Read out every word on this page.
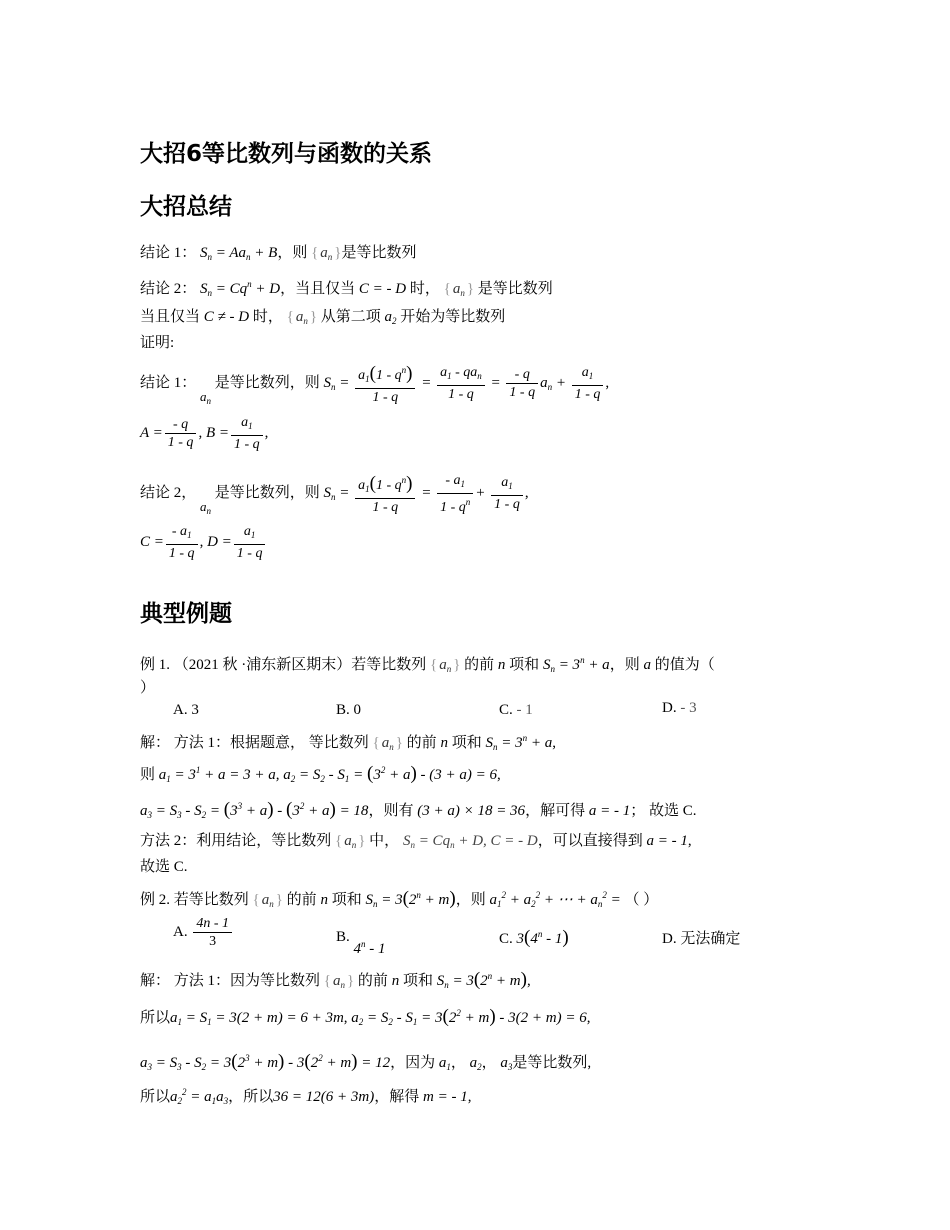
大招6等比数列与函数的关系
大招总结
结论 1： $S_n = Aa_n + B$，则 { $a_n$ } 是等比数列
结论 2： $S_n = Cq^n + D$，当且仅当 C = - D 时， { $a_n$ } 是等比数列
当且仅当 C ≠ - D 时， { $a_n$ } 从第二项 $a_2$ 开始为等比数列
证明:
结论 1： $a_n$ 是等比数列，则 $S_n = \frac{a_1(1 - q^n)}{1 - q} = \frac{a_1 - qa_n}{1 - q} = \frac{- q}{1 - q} a_n + \frac{a_1}{1 - q}$ ,
$A = \frac{- q}{1 - q}$ , $B = \frac{a_1}{1 - q}$ ,
结论 2， $a_n$ 是等比数列，则 $S_n = \frac{a_1(1 - q^n)}{1 - q} = \frac{- a_1}{1 - q^n} + \frac{a_1}{1 - q}$ ,
$C = \frac{- a_1}{1 - q}$ , $D = \frac{a_1}{1 - q}$
典型例题
例 1. （2021 秋 ·浦东新区期末）若等比数列 { $a_n$ } 的前 n 项和 $S_n = 3^n + a$，则 a 的值为（
）
A. 3	B. 0	C. - 1	D. - 3
解： 方法 1：根据题意， 等比数列 { $a_n$ } 的前 n 项和 $S_n = 3^n + a$,
则 $a_1 = 3^1 + a = 3 + a$, $a_2 = S_2 - S_1 = (3^2 + a) - (3 + a) = 6$,
$a_3 = S_3 - S_2 = (3^3 + a) - (3^2 + a) = 18$，则有 (3 + a) × 18 = 36，解可得 a = - 1； 故选 C.
方法 2：利用结论，等比数列 { $a_n$ } 中， $S_n = Cq_n + D$, C = - D，可以直接得到 a = - 1,
故选 C.
例 2. 若等比数列 { $a_n$ } 的前 n 项和 $S_n = 3(2^n + m)$，则 $a_1^2 + a_2^2$ + ⋯ + $a_n^2$ = （ ）
A. $\frac{4n - 1}{3}$	B. 4$^n$ - 1
C. 3(4$^n$ - 1)	D. 无法确定
解： 方法 1：因为等比数列 { $a_n$ } 的前 n 项和 $S_n = 3(2^n + m)$,
所以$a_1 = S_1 = 3(2 + m) = 6 + 3m$, $a_2 = S_2 - S_1 = 3(2^2 + m) - 3(2 + m) = 6$,
$a_3 = S_3 - S_2 = 3(2^3 + m) - 3(2^2 + m) = 12$，因为 $a_1$， $a_2$， $a_3$是等比数列,
所以$a_2^2 = a_1a_3$，所以36 = 12(6 + 3m)，解得 m = - 1,
